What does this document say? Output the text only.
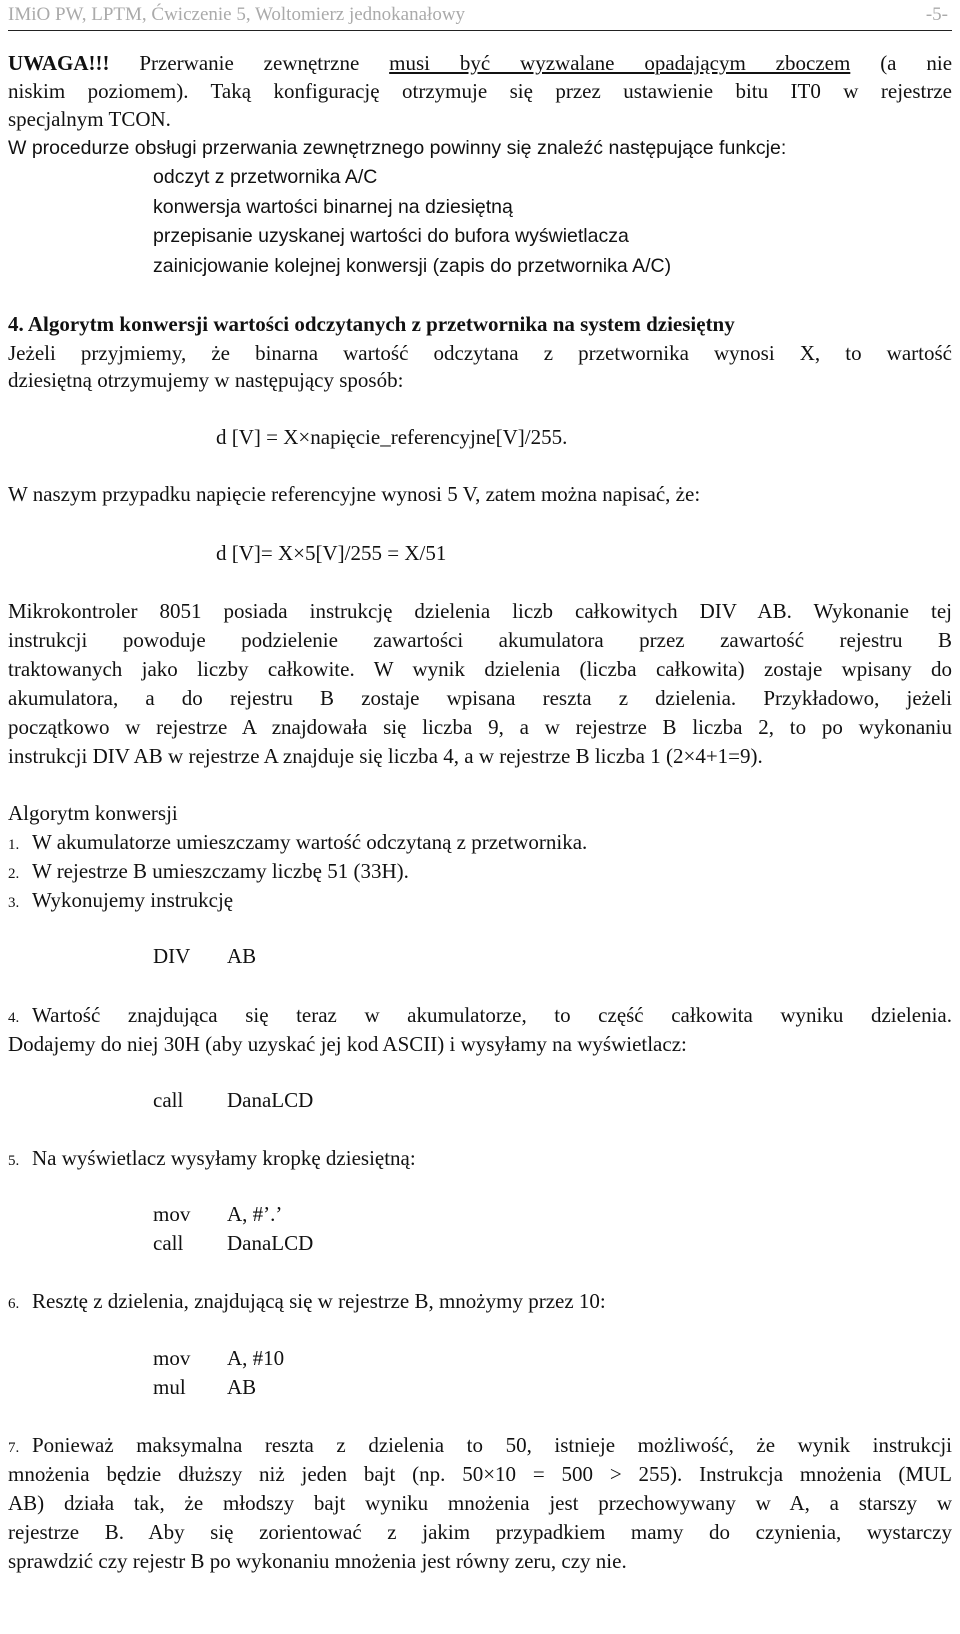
IMiO PW, LPTM, Ćwiczenie 5, Woltomierz jednokanałowy	-5-
UWAGA!!! Przerwanie zewnętrzne musi być wyzwalane opadającym zboczem (a nie
niskim poziomem). Taką konfigurację otrzymuje się przez ustawienie bitu IT0 w rejestrze
specjalnym TCON.
W procedurze obsługi przerwania zewnętrznego powinny się znaleźć następujące funkcje:
odczyt z przetwornika A/C
konwersja wartości binarnej na dziesiętną
przepisanie uzyskanej wartości do bufora wyświetlacza
zainicjowanie kolejnej konwersji (zapis do przetwornika A/C)
4. Algorytm konwersji wartości odczytanych z przetwornika na system dziesiętny
Jeżeli przyjmiemy, że binarna wartość odczytana z przetwornika wynosi X, to wartość
dziesiętną otrzymujemy w następujący sposób:
d [V] = X×napięcie_referencyjne[V]/255.
W naszym przypadku napięcie referencyjne wynosi 5 V, zatem można napisać, że:
d [V]= X×5[V]/255 = X/51
Mikrokontroler 8051 posiada instrukcję dzielenia liczb całkowitych DIV AB. Wykonanie tej
instrukcji powoduje podzielenie zawartości akumulatora przez zawartość rejestru B
traktowanych jako liczby całkowite. W wynik dzielenia (liczba całkowita) zostaje wpisany do
akumulatora, a do rejestru B zostaje wpisana reszta z dzielenia. Przykładowo, jeżeli
początkowo w rejestrze A znajdowała się liczba 9, a w rejestrze B liczba 2, to po wykonaniu
instrukcji DIV AB w rejestrze A znajduje się liczba 4, a w rejestrze B liczba 1 (2×4+1=9).
Algorytm konwersji
1. W akumulatorze umieszczamy wartość odczytaną z przetwornika.
2. W rejestrze B umieszczamy liczbę 51 (33H).
3. Wykonujemy instrukcję
DIV AB
4. Wartość znajdująca się teraz w akumulatorze, to część całkowita wyniku dzielenia.
Dodajemy do niej 30H (aby uzyskać jej kod ASCII) i wysyłamy na wyświetlacz:
call DanaLCD
5. Na wyświetlacz wysyłamy kropkę dziesiętną:
mov A, #’.’
call DanaLCD
6. Resztę z dzielenia, znajdującą się w rejestrze B, mnożymy przez 10:
mov A, #10
mul AB
7. Ponieważ maksymalna reszta z dzielenia to 50, istnieje możliwość, że wynik instrukcji
mnożenia będzie dłuższy niż jeden bajt (np. 50×10 = 500 > 255). Instrukcja mnożenia (MUL
AB) działa tak, że młodszy bajt wyniku mnożenia jest przechowywany w A, a starszy w
rejestrze B. Aby się zorientować z jakim przypadkiem mamy do czynienia, wystarczy
sprawdzić czy rejestr B po wykonaniu mnożenia jest równy zeru, czy nie.
